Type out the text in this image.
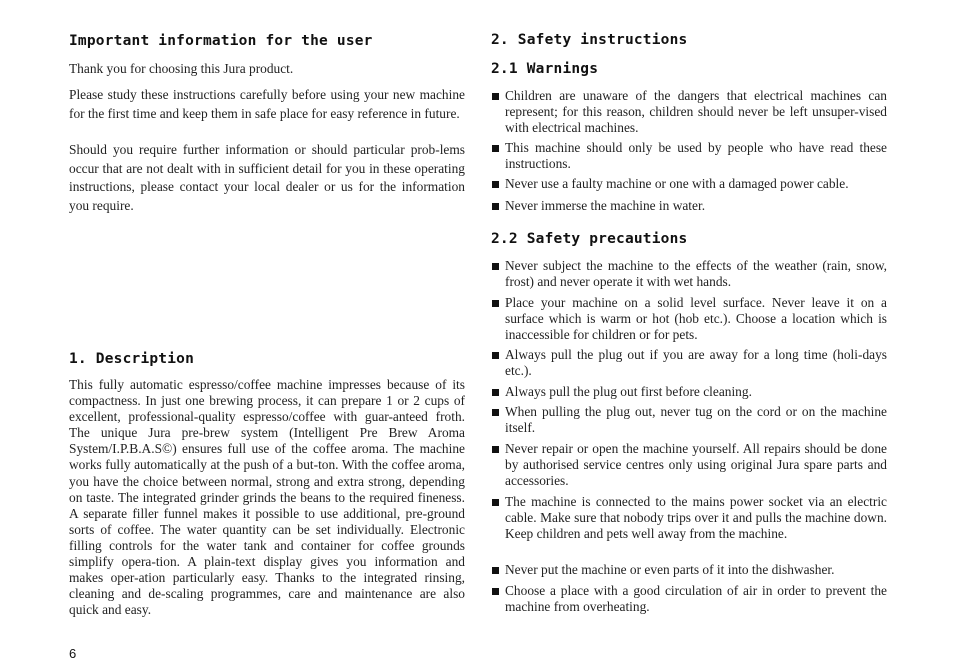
Important information for the user

Thank you for choosing this Jura product.

Please study these instructions carefully before using your new machine for the first time and keep them in safe place for easy reference in future.

Should you require further information or should particular prob-lems occur that are not dealt with in sufficient detail for you in these operating instructions, please contact your local dealer or us for the information you require.

1. Description

This fully automatic espresso/coffee machine impresses because of its compactness. In just one brewing process, it can prepare 1 or 2 cups of excellent, professional-quality espresso/coffee with guar-anteed froth. The unique Jura pre-brew system (Intelligent Pre Brew Aroma System/I.P.B.A.S©) ensures full use of the coffee aroma. The machine works fully automatically at the push of a but-ton. With the coffee aroma, you have the choice between normal, strong and extra strong, depending on taste. The integrated grinder grinds the beans to the required fineness. A separate filler funnel makes it possible to use additional, pre-ground sorts of coffee. The water quantity can be set individually. Electronic filling controls for the water tank and container for coffee grounds simplify opera-tion. A plain-text display gives you information and makes oper-ation particularly easy. Thanks to the integrated rinsing, cleaning and de-scaling programmes, care and maintenance are also quick and easy.

2. Safety instructions
2.1 Warnings
Children are unaware of the dangers that electrical machines can represent; for this reason, children should never be left unsuper-vised with electrical machines.
This machine should only be used by people who have read these instructions.
Never use a faulty machine or one with a damaged power cable.
Never immerse the machine in water.
2.2 Safety precautions
Never subject the machine to the effects of the weather (rain, snow, frost) and never operate it with wet hands.
Place your machine on a solid level surface. Never leave it on a surface which is warm or hot (hob etc.). Choose a location which is inaccessible for children or for pets.
Always pull the plug out if you are away for a long time (holi-days etc.).
Always pull the plug out first before cleaning.
When pulling the plug out, never tug on the cord or on the machine itself.
Never repair or open the machine yourself. All repairs should be done by authorised service centres only using original Jura spare parts and accessories.
The machine is connected to the mains power socket via an electric cable. Make sure that nobody trips over it and pulls the machine down. Keep children and pets well away from the machine.
Never put the machine or even parts of it into the dishwasher.
Choose a place with a good circulation of air in order to prevent the machine from overheating.
6
